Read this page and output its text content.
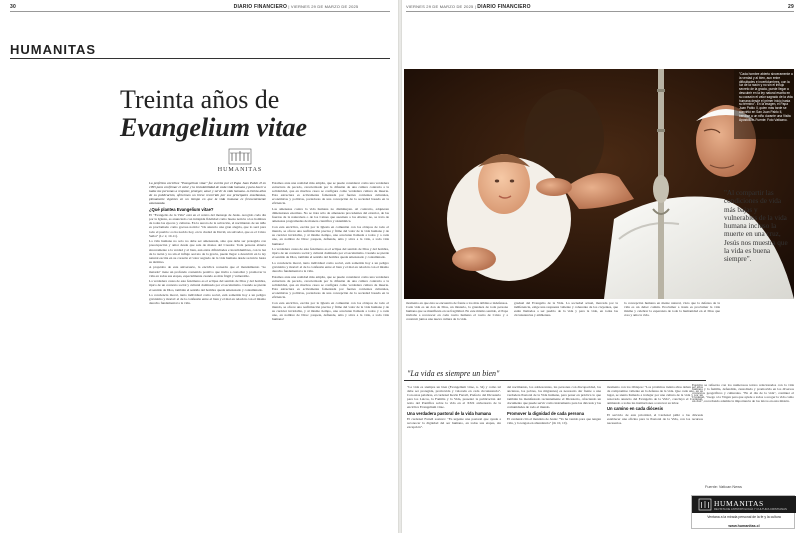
30	DIARIO FINANCIERO | VIERNES 29 DE MARZO DE 2025
HUMANITAS
Treinta años de
Evangelium vitae
HUMANITAS

La profética encíclica "Evangelium vitae" fue escrita por el Papa Juan Pablo II en 1995 para confirmar el valor y la inviolabilidad de cada vida humana y para hacer a todas las personas a respetar, proteger, amar y servir la vida humana. A treinta años de su publicación, ofrecemos un breve recorrido por sus principales enseñanzas, plenamente vigentes en un tiempo en que la vida humana es frecuentemente amenazada.

¿Qué plantea Evangelium vitae?

El "Evangelio de la Vida" está en el centro del mensaje de Jesús. Acogido cada día por la Iglesia, es anunciado con intrépida fidelidad como buena noticia a los hombres de todas las épocas y culturas. En la aurora de la salvación, el nacimiento de un niño es proclamado como gozosa noticia: "Os anuncio una gran alegría, que lo será para todo el pueblo: os ha nacido hoy, en la ciudad de David, un salvador, que es el Cristo Señor" (Lc 2, 10-11).

La vida humana no solo no debe ser amenazada, sino que debe ser protegida con preocupación y amor desde que sale de manos del Creador. Toda persona abierta sinceramente a la verdad y al bien, aun entre dificultades e incertidumbres, con la luz de la razón y no sin el influjo secreto de la gracia, puede llegar a descubrir en la ley natural escrita en su corazón el valor sagrado de la vida humana desde su inicio hasta su término.

A propósito de este aniversario, la encíclica recuerda que el mandamiento "no matarás" tiene un profundo contenido positivo que invita a custodiar y promover la vida en todas sus etapas, especialmente cuando es más frágil y vulnerable.

La verdadera causa de este fenómeno es el eclipse del sentido de Dios y del hombre, típico de un contexto social y cultural dominado por el secularismo. Cuando se pierde el sentido de Dios, también el sentido del hombre queda amenazado y contaminado.

La conciencia moral, tanto individual como social, está sometida hoy a un peligro gravísimo y mortal: el de la confusión entre el bien y el mal en relación con el mismo derecho fundamental a la vida.

Estamos ante una realidad más amplia, que se puede considerar como una verdadera estructura de pecado, caracterizada por la difusión de una cultura contraria a la solidaridad, que en muchos casos se configura como verdadera cultura de muerte. Esta estructura es activamente fomentada por fuertes corrientes culturales, económicas y políticas, portadoras de una concepción de la sociedad basada en la eficiencia.

Las amenazas contra la vida humana no disminuyen. Al contrario, adquieren dimensiones enormes. No se trata sólo de amenazas procedentes del exterior, de las fuerzas de la naturaleza o de los Caínes que asesinan a los Abeles; no, se trata de amenazas programadas de manera científica y sistemática.

Con esta encíclica, escrita por la Iglesia en comunión con los obispos de todo el mundo, se ofrece una reafirmación precisa y firme del valor de la vida humana y de su carácter inviolable, y al mismo tiempo, una acuciante llamada a todos y a cada uno, en nombre de Dios: ¡respeta, defiende, ama y sirve a la vida, a toda vida humana!

La verdadera causa de este fenómeno es el eclipse del sentido de Dios y del hombre, típico de un contexto social y cultural dominado por el secularismo. Cuando se pierde el sentido de Dios, también el sentido del hombre queda amenazado y contaminado.

La conciencia moral, tanto individual como social, está sometida hoy a un peligro gravísimo y mortal: el de la confusión entre el bien y el mal en relación con el mismo derecho fundamental a la vida.

Estamos ante una realidad más amplia, que se puede considerar como una verdadera estructura de pecado, caracterizada por la difusión de una cultura contraria a la solidaridad, que en muchos casos se configura como verdadera cultura de muerte. Esta estructura es activamente fomentada por fuertes corrientes culturales, económicas y políticas, portadoras de una concepción de la sociedad basada en la eficiencia.

Con esta encíclica, escrita por la Iglesia en comunión con los obispos de todo el mundo, se ofrece una reafirmación precisa y firme del valor de la vida humana y de su carácter inviolable, y al mismo tiempo, una acuciante llamada a todos y a cada uno, en nombre de Dios: ¡respeta, defiende, ama y sirve a la vida, a toda vida humana!

VIERNES 29 DE MARZO DE 2025 | DIARIO FINANCIERO	29
"Cada hombre abierto sinceramente a la verdad y al bien, aun entre dificultades e incertidumbres, con la luz de la razón y no sin el influjo secreto de la gracia, puede llegar a descubrir en la ley natural escrita en su corazón el valor sagrado de la vida humana desde el primer inicio hasta su término". En la imagen, el Papa Juan Pablo II, quien más tarde se convirtió en San Juan Pablo II, bendice a un niño durante una Visita Apostólica. Fuente: Foto Vaticano.

momento en que ésta se encuentra de frente a los más débiles e indefensos. Cada vida es un don de Dios, un misterio, la grandeza de toda persona humana que se manifiesta en su fragilidad. En este mismo sentido, el Papa invitaba a reconocer en cada rostro humano el rostro de Cristo y a construir juntos una nueva cultura de la vida.

gradual del Evangelio de la Vida. La sociedad actual, marcada por la indiferencia, exige una respuesta valiente y coherente de los creyentes, que están llamados a ser pueblo de la vida y para la vida, en todas las circunstancias y ambientes.

la concepción humana en mente natural, visto que la defensa de la vida es un deber común. Proclamar a Jesús es proclamar la vida misma y celebrar la esperanza de toda la humanidad en el Dios que crea y ama la vida.

"Al compartir las condiciones de vida más bajas y vulnerables de la vida humana incluso la muerte en una cruz, Jesús nos muestra que la vida es buena siempre".
"La vida es siempre un bien"

"La vida es siempre un bien (Evangelium vitae, n. 34) y como tal debe ser protegida, promovida y valorada en cada circunstancia". Con estas palabras, el cardenal Kevin Farrell, Prefecto del Dicasterio para los Laicos, la Familia y la Vida, presentó la publicación del texto del Pontífice sobre la vida en el XXX aniversario de la encíclica Evangelium vitae.

Una verdadera pastoral de la vida humana

El cardenal Farrell sostuvo: "Es urgente una pastoral que ayude a reconocer la dignidad del ser humano, en todas sus etapas, sin excepción".

del nacimiento, los adolescentes, las personas con discapacidad, los ancianos, los pobres, los migrantes) es necesario dar frente a una verdadera Pastoral de la Vida humana, para poner en práctica lo que también ha manifestado recientemente el Dicasterio, ofreciendo un documento que puede servir como instrumento para las diócesis y las comunidades de todo el mundo.

Promover la dignidad de cada persona

El cardenal citó el mandato de Jesús: "Yo he venido para que tengan vida, y la tengan en abundancia" (Jn 10, 10).

momento con los Obispos: "Los próximos treinta años deben ser años de compromiso valiente en la defensa de la vida. Que cada uno, en su lugar, se sienta llamado a trabajar por una cultura de la vida y por un renovado anuncio del Evangelio de la Vida", concluyó el Cardenal, animando a todas las instituciones a renovar su labor.

Un camino en cada diócesis

El servicio de esta prioridad, el Cardenal pidió a las diócesis establecer una oficina para la Pastoral de la Vida, con los recursos necesarios.

Espíritu se refuerza con los numerosos textos relacionados con la vida humana y la familia, defendida, custodiada y promovida en los diversos contextos geográficos y culturales. "En el día de la vida", continuó el Cardenal, "ruego a la Virgen para que ayude a todos a acoger la vida como un don", recordando además la importancia de los laicos en esta misión.

Fuente: Vatican News
HUMANITAS
REVISTA DE ANTROPOLOGÍA Y CULTURA CRISTIANAS
Ventana a la mirada personal de la fe y la cultura
www.humanitas.cl
